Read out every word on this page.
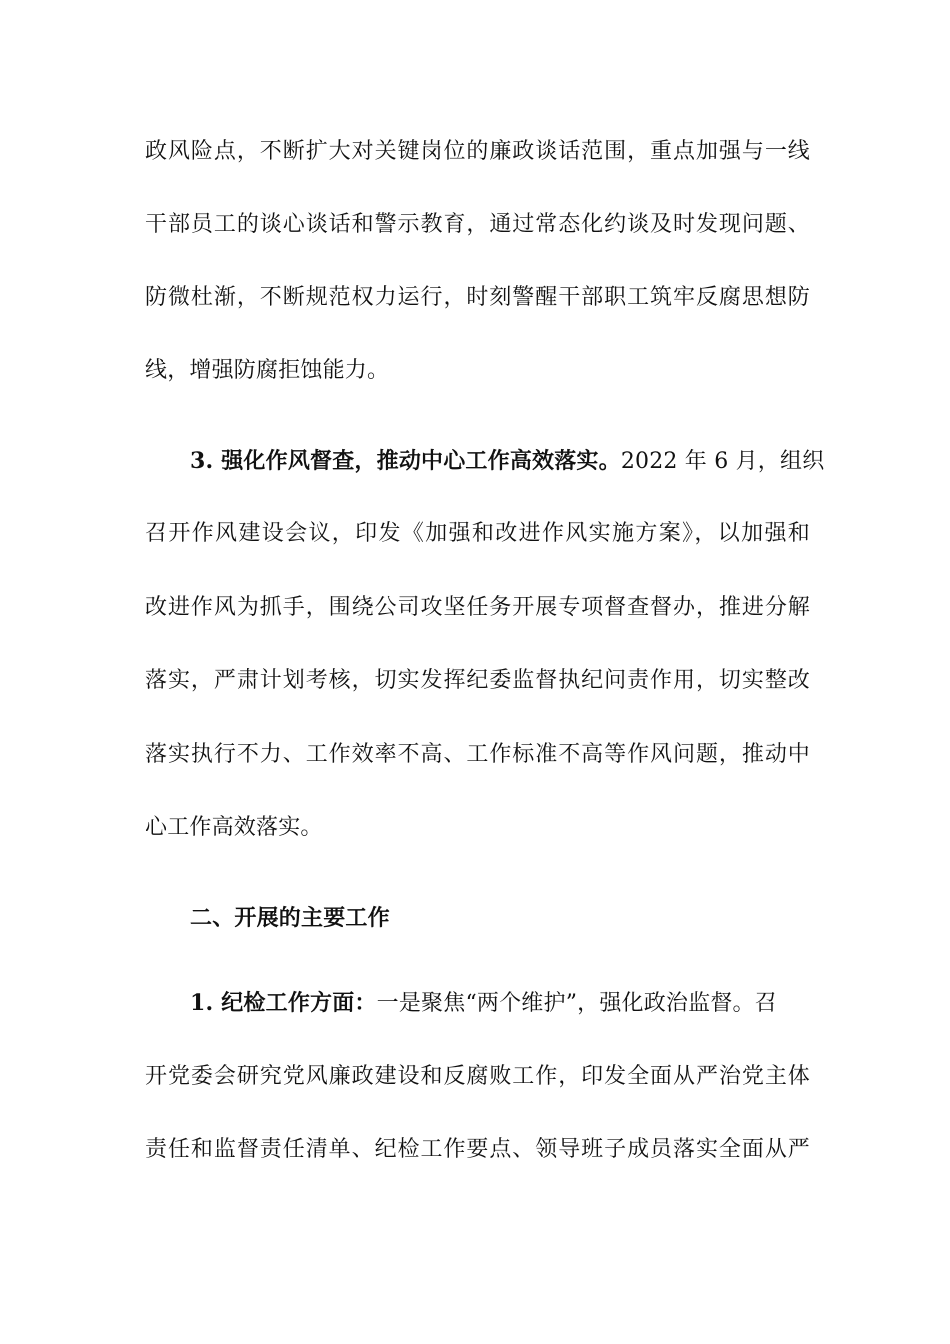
政风险点，不断扩大对关键岗位的廉政谈话范围，重点加强与一线
干部员工的谈心谈话和警示教育，通过常态化约谈及时发现问题、
防微杜渐，不断规范权力运行，时刻警醒干部职工筑牢反腐思想防
线，增强防腐拒蚀能力。
3. 强化作风督查，推动中心工作高效落实。2022 年 6 月，组织
召开作风建设会议，印发《加强和改进作风实施方案》，以加强和
改进作风为抓手，围绕公司攻坚任务开展专项督查督办，推进分解
落实，严肃计划考核，切实发挥纪委监督执纪问责作用，切实整改
落实执行不力、工作效率不高、工作标准不高等作风问题，推动中
心工作高效落实。
二、开展的主要工作
1. 纪检工作方面：一是聚焦“两个维护”，强化政治监督。召
开党委会研究党风廉政建设和反腐败工作，印发全面从严治党主体
责任和监督责任清单、纪检工作要点、领导班子成员落实全面从严
